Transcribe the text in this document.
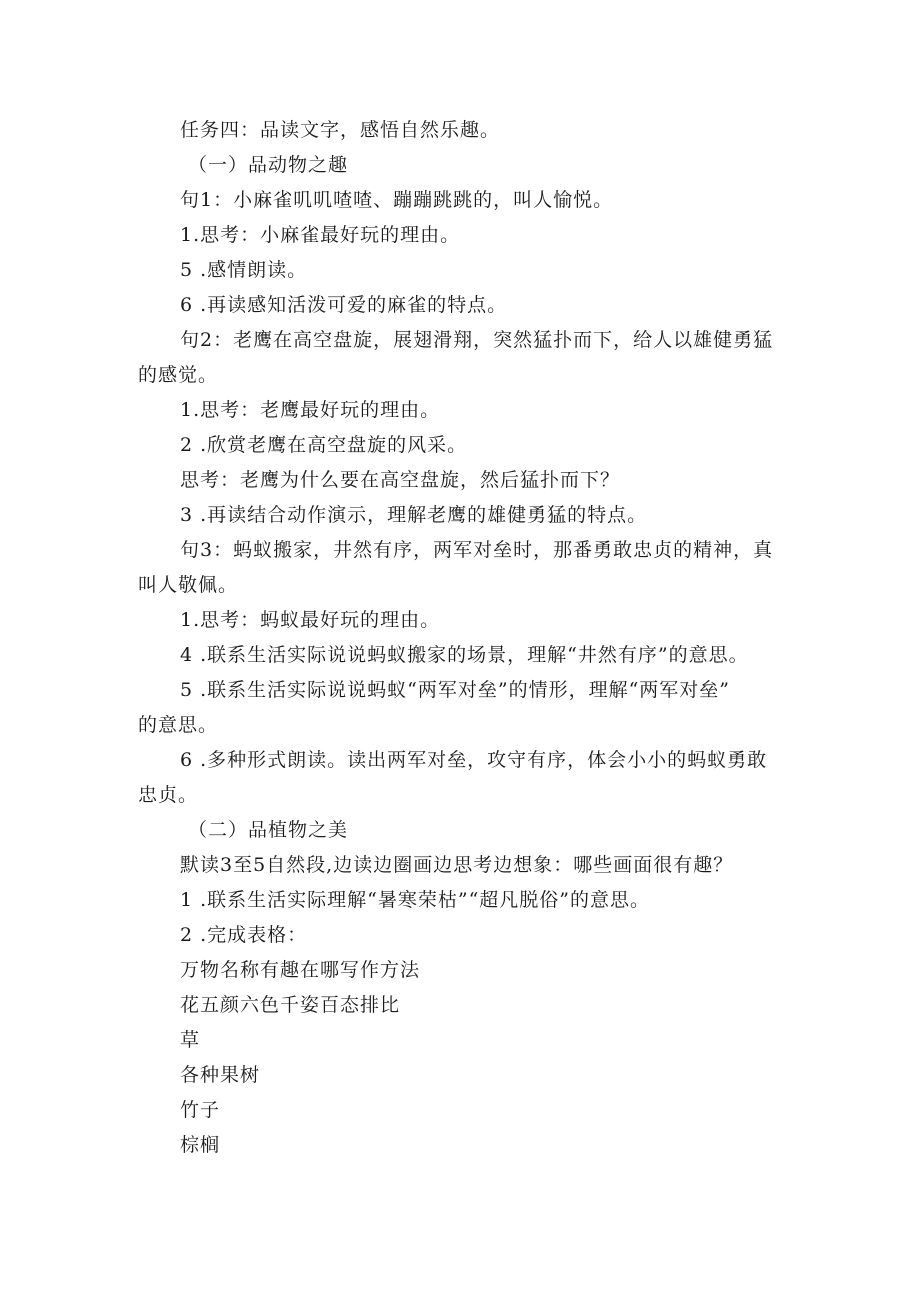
任务四：品读文字，感悟自然乐趣。
（一）品动物之趣
句1：小麻雀叽叽喳喳、蹦蹦跳跳的，叫人愉悦。
1.思考：小麻雀最好玩的理由。
5 .感情朗读。
6 .再读感知活泼可爱的麻雀的特点。
句2：老鹰在高空盘旋，展翅滑翔，突然猛扑而下，给人以雄健勇猛
的感觉。
1.思考：老鹰最好玩的理由。
2 .欣赏老鹰在高空盘旋的风采。
思考：老鹰为什么要在高空盘旋，然后猛扑而下？
3 .再读结合动作演示，理解老鹰的雄健勇猛的特点。
句3：蚂蚁搬家，井然有序，两军对垒时，那番勇敢忠贞的精神，真
叫人敬佩。
1.思考：蚂蚁最好玩的理由。
4 .联系生活实际说说蚂蚁搬家的场景，理解“井然有序”的意思。
5 .联系生活实际说说蚂蚁“两军对垒”的情形，理解“两军对垒”
的意思。
6 .多种形式朗读。读出两军对垒，攻守有序，体会小小的蚂蚁勇敢
忠贞。
（二）品植物之美
默读3至5自然段,边读边圈画边思考边想象：哪些画面很有趣？
1 .联系生活实际理解“暑寒荣枯”“超凡脱俗”的意思。
2 .完成表格：
万物名称有趣在哪写作方法
花五颜六色千姿百态排比
草
各种果树
竹子
棕榈
